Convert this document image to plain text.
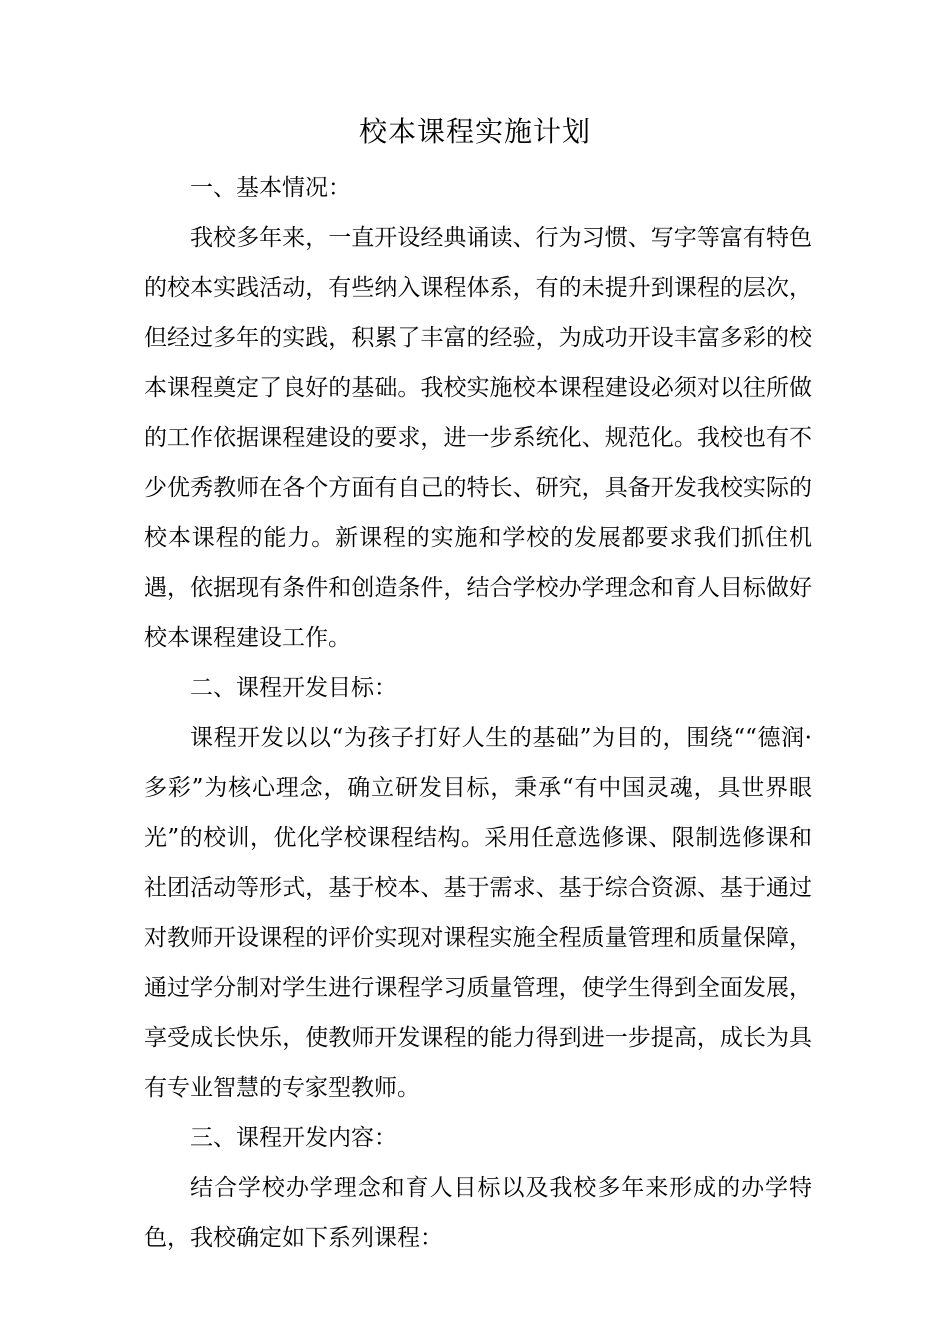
校本课程实施计划

一、基本情况：

我校多年来，一直开设经典诵读、行为习惯、写字等富有特色的校本实践活动，有些纳入课程体系，有的未提升到课程的层次，但经过多年的实践，积累了丰富的经验，为成功开设丰富多彩的校本课程奠定了良好的基础。我校实施校本课程建设必须对以往所做的工作依据课程建设的要求，进一步系统化、规范化。我校也有不少优秀教师在各个方面有自己的特长、研究，具备开发我校实际的校本课程的能力。新课程的实施和学校的发展都要求我们抓住机遇，依据现有条件和创造条件，结合学校办学理念和育人目标做好校本课程建设工作。

二、课程开发目标：

课程开发以以“为孩子打好人生的基础”为目的，围绕““德润·多彩”为核心理念，确立研发目标，秉承“有中国灵魂，具世界眼光”的校训，优化学校课程结构。采用任意选修课、限制选修课和社团活动等形式，基于校本、基于需求、基于综合资源、基于通过对教师开设课程的评价实现对课程实施全程质量管理和质量保障，通过学分制对学生进行课程学习质量管理，使学生得到全面发展，享受成长快乐，使教师开发课程的能力得到进一步提高，成长为具有专业智慧的专家型教师。

三、课程开发内容：

结合学校办学理念和育人目标以及我校多年来形成的办学特色，我校确定如下系列课程：
